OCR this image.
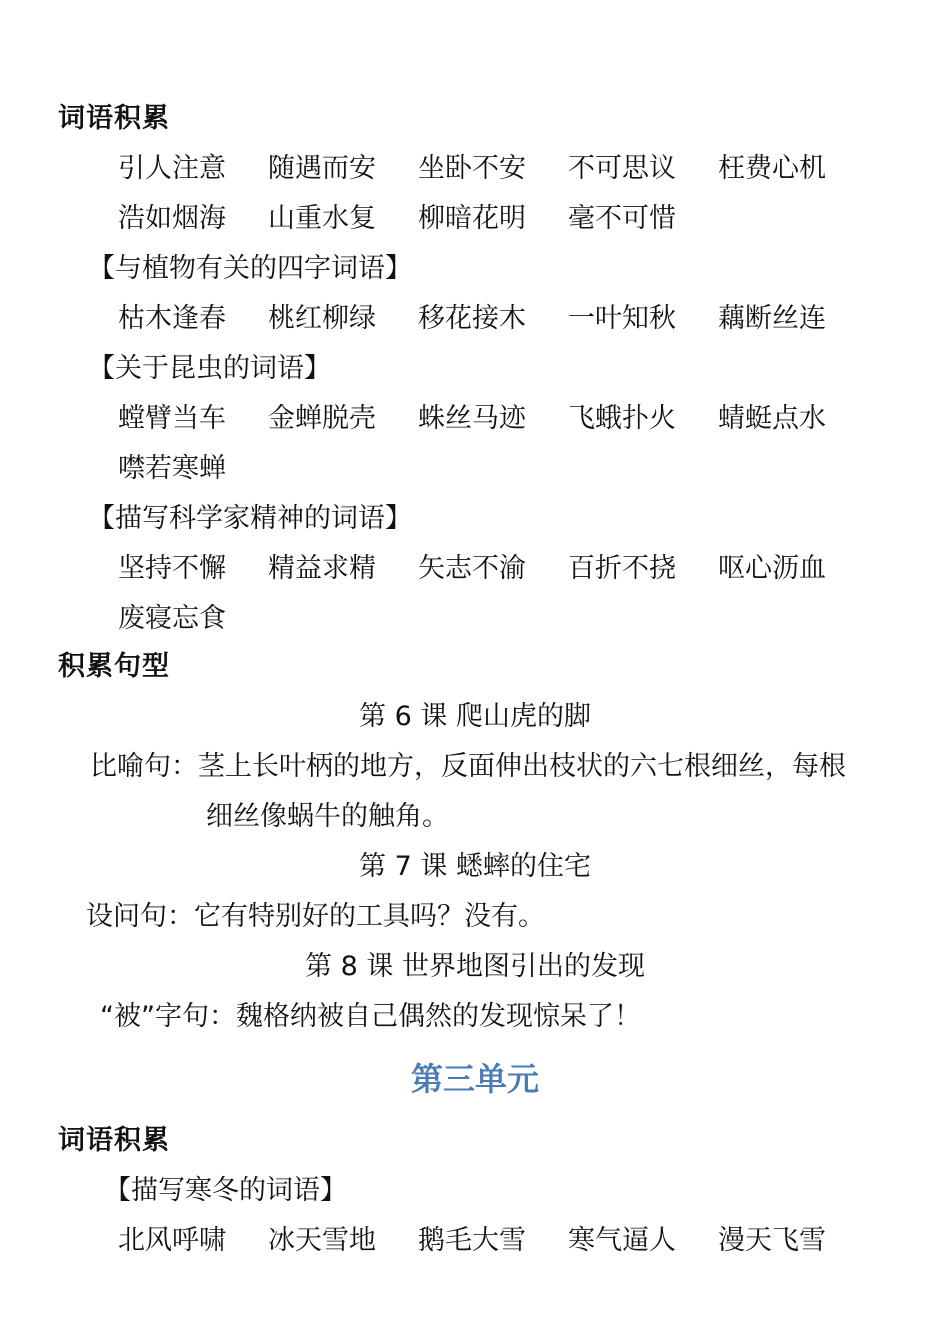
词语积累
引人注意 随遇而安 坐卧不安 不可思议 枉费心机
浩如烟海 山重水复 柳暗花明 毫不可惜
【与植物有关的四字词语】
枯木逢春 桃红柳绿 移花接木 一叶知秋 藕断丝连
【关于昆虫的词语】
螳臂当车 金蝉脱壳 蛛丝马迹 飞蛾扑火 蜻蜓点水
噤若寒蝉
【描写科学家精神的词语】
坚持不懈 精益求精 矢志不渝 百折不挠 呕心沥血
废寝忘食
积累句型
第 6 课 爬山虎的脚
比喻句：茎上长叶柄的地方，反面伸出枝状的六七根细丝，每根
细丝像蜗牛的触角。
第 7 课 蟋蟀的住宅
设问句：它有特别好的工具吗？没有。
第 8 课 世界地图引出的发现
“被”字句：魏格纳被自己偶然的发现惊呆了！
第三单元
词语积累
【描写寒冬的词语】
北风呼啸 冰天雪地 鹅毛大雪 寒气逼人 漫天飞雪
